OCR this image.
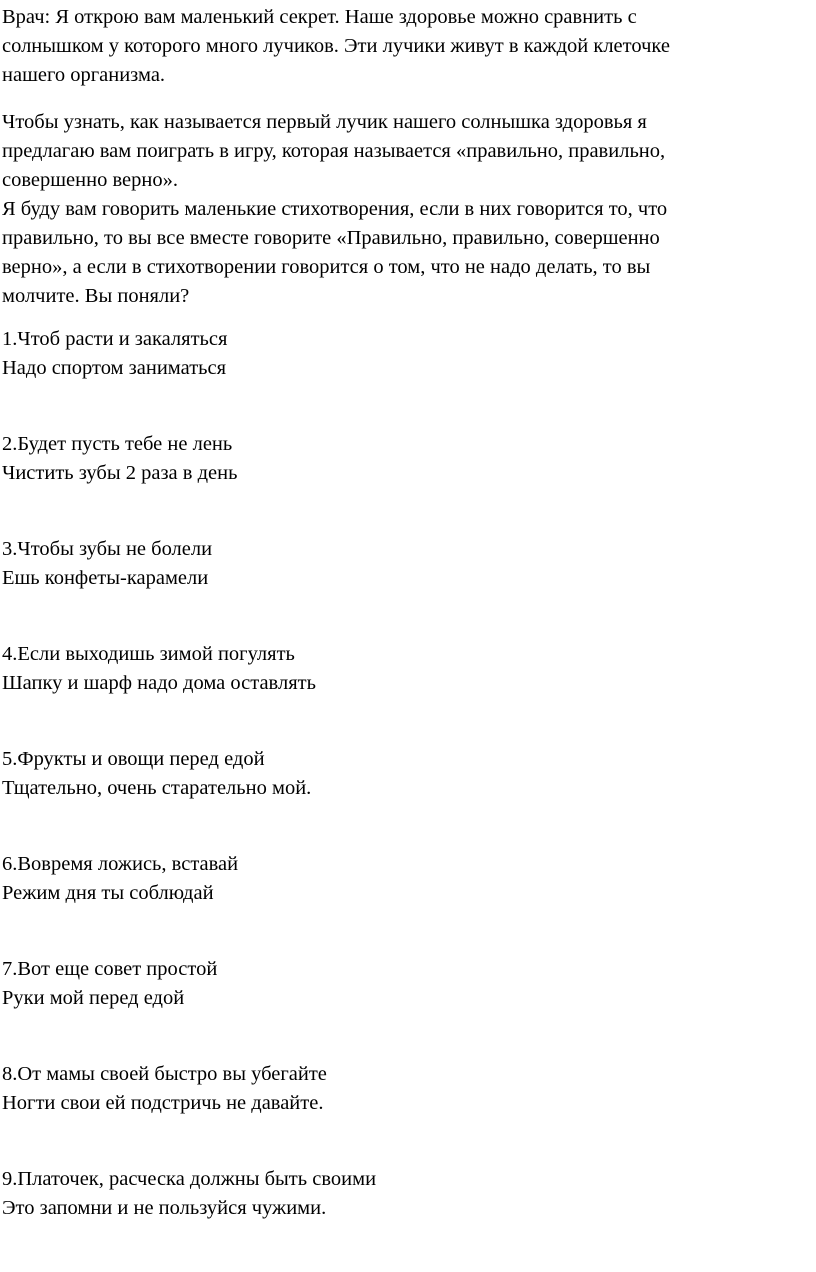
Врач: Я открою вам маленький секрет. Наше здоровье можно сравнить с
солнышком у которого много лучиков. Эти лучики живут в каждой клеточке
нашего организма.

Чтобы узнать, как называется первый лучик нашего солнышка здоровья я
предлагаю вам поиграть в игру, которая называется «правильно, правильно,
совершенно верно».
Я буду вам говорить маленькие стихотворения, если в них говорится то, что
правильно, то вы все вместе говорите «Правильно, правильно, совершенно
верно», а если в стихотворении говорится о том, что не надо делать, то вы
молчите. Вы поняли?

1.Чтоб расти и закаляться
Надо спортом заниматься

2.Будет пусть тебе не лень
Чистить зубы 2 раза в день

3.Чтобы зубы не болели
Ешь конфеты-карамели

4.Если выходишь зимой погулять
Шапку и шарф надо дома оставлять

5.Фрукты и овощи перед едой
Тщательно, очень старательно мой.

6.Вовремя ложись, вставай
Режим дня ты соблюдай

7.Вот еще совет простой
Руки мой перед едой

8.От мамы своей быстро вы убегайте
Ногти свои ей подстричь не давайте.

9.Платочек, расческа должны быть своими
Это запомни и не пользуйся чужими.
